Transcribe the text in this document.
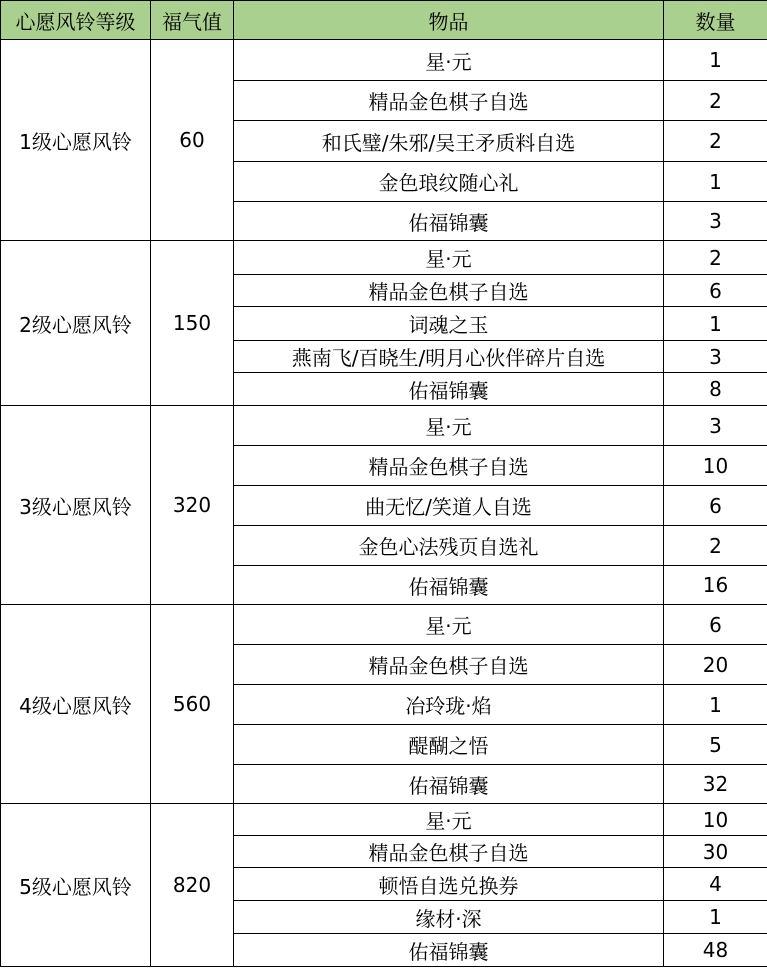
心愿风铃等级	福气值	物品	数量
1级心愿风铃	60	星·元	1
		精品金色棋子自选	2
		和氏璧/朱邪/吴王矛质料自选	2
		金色琅纹随心礼	1
		佑福锦囊	3
2级心愿风铃	150	星·元	2
		精品金色棋子自选	6
		词魂之玉	1
		燕南飞/百晓生/明月心伙伴碎片自选	3
		佑福锦囊	8
3级心愿风铃	320	星·元	3
		精品金色棋子自选	10
		曲无忆/笑道人自选	6
		金色心法残页自选礼	2
		佑福锦囊	16
4级心愿风铃	560	星·元	6
		精品金色棋子自选	20
		冶玲珑·焰	1
		醍醐之悟	5
		佑福锦囊	32
5级心愿风铃	820	星·元	10
		精品金色棋子自选	30
		顿悟自选兑换券	4
		缘材·深	1
		佑福锦囊	48
